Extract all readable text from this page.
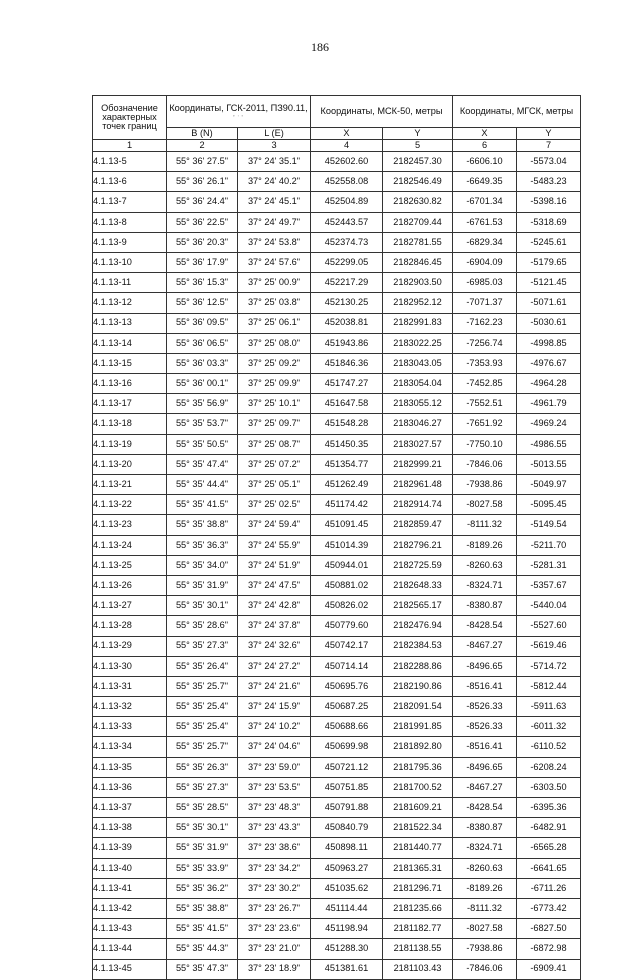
186
Обозначение
характерных
точек границ	Координаты, ГСК-2011, ПЗ90.11,
° ' "		Координаты, МСК-50, метры		Координаты, МГСК, метры	
	B (N)	L (E)	X	Y	X	Y
1	2	3	4	5	6	7
4.1.13-5	55° 36' 27.5"	37° 24' 35.1"	452602.60	2182457.30	-6606.10	-5573.04
4.1.13-6	55° 36' 26.1"	37° 24' 40.2"	452558.08	2182546.49	-6649.35	-5483.23
4.1.13-7	55° 36' 24.4"	37° 24' 45.1"	452504.89	2182630.82	-6701.34	-5398.16
4.1.13-8	55° 36' 22.5"	37° 24' 49.7"	452443.57	2182709.44	-6761.53	-5318.69
4.1.13-9	55° 36' 20.3"	37° 24' 53.8"	452374.73	2182781.55	-6829.34	-5245.61
4.1.13-10	55° 36' 17.9"	37° 24' 57.6"	452299.05	2182846.45	-6904.09	-5179.65
4.1.13-11	55° 36' 15.3"	37° 25' 00.9"	452217.29	2182903.50	-6985.03	-5121.45
4.1.13-12	55° 36' 12.5"	37° 25' 03.8"	452130.25	2182952.12	-7071.37	-5071.61
4.1.13-13	55° 36' 09.5"	37° 25' 06.1"	452038.81	2182991.83	-7162.23	-5030.61
4.1.13-14	55° 36' 06.5"	37° 25' 08.0"	451943.86	2183022.25	-7256.74	-4998.85
4.1.13-15	55° 36' 03.3"	37° 25' 09.2"	451846.36	2183043.05	-7353.93	-4976.67
4.1.13-16	55° 36' 00.1"	37° 25' 09.9"	451747.27	2183054.04	-7452.85	-4964.28
4.1.13-17	55° 35' 56.9"	37° 25' 10.1"	451647.58	2183055.12	-7552.51	-4961.79
4.1.13-18	55° 35' 53.7"	37° 25' 09.7"	451548.28	2183046.27	-7651.92	-4969.24
4.1.13-19	55° 35' 50.5"	37° 25' 08.7"	451450.35	2183027.57	-7750.10	-4986.55
4.1.13-20	55° 35' 47.4"	37° 25' 07.2"	451354.77	2182999.21	-7846.06	-5013.55
4.1.13-21	55° 35' 44.4"	37° 25' 05.1"	451262.49	2182961.48	-7938.86	-5049.97
4.1.13-22	55° 35' 41.5"	37° 25' 02.5"	451174.42	2182914.74	-8027.58	-5095.45
4.1.13-23	55° 35' 38.8"	37° 24' 59.4"	451091.45	2182859.47	-8111.32	-5149.54
4.1.13-24	55° 35' 36.3"	37° 24' 55.9"	451014.39	2182796.21	-8189.26	-5211.70
4.1.13-25	55° 35' 34.0"	37° 24' 51.9"	450944.01	2182725.59	-8260.63	-5281.31
4.1.13-26	55° 35' 31.9"	37° 24' 47.5"	450881.02	2182648.33	-8324.71	-5357.67
4.1.13-27	55° 35' 30.1"	37° 24' 42.8"	450826.02	2182565.17	-8380.87	-5440.04
4.1.13-28	55° 35' 28.6"	37° 24' 37.8"	450779.60	2182476.94	-8428.54	-5527.60
4.1.13-29	55° 35' 27.3"	37° 24' 32.6"	450742.17	2182384.53	-8467.27	-5619.46
4.1.13-30	55° 35' 26.4"	37° 24' 27.2"	450714.14	2182288.86	-8496.65	-5714.72
4.1.13-31	55° 35' 25.7"	37° 24' 21.6"	450695.76	2182190.86	-8516.41	-5812.44
4.1.13-32	55° 35' 25.4"	37° 24' 15.9"	450687.25	2182091.54	-8526.33	-5911.63
4.1.13-33	55° 35' 25.4"	37° 24' 10.2"	450688.66	2181991.85	-8526.33	-6011.32
4.1.13-34	55° 35' 25.7"	37° 24' 04.6"	450699.98	2181892.80	-8516.41	-6110.52
4.1.13-35	55° 35' 26.3"	37° 23' 59.0"	450721.12	2181795.36	-8496.65	-6208.24
4.1.13-36	55° 35' 27.3"	37° 23' 53.5"	450751.85	2181700.52	-8467.27	-6303.50
4.1.13-37	55° 35' 28.5"	37° 23' 48.3"	450791.88	2181609.21	-8428.54	-6395.36
4.1.13-38	55° 35' 30.1"	37° 23' 43.3"	450840.79	2181522.34	-8380.87	-6482.91
4.1.13-39	55° 35' 31.9"	37° 23' 38.6"	450898.11	2181440.77	-8324.71	-6565.28
4.1.13-40	55° 35' 33.9"	37° 23' 34.2"	450963.27	2181365.31	-8260.63	-6641.65
4.1.13-41	55° 35' 36.2"	37° 23' 30.2"	451035.62	2181296.71	-8189.26	-6711.26
4.1.13-42	55° 35' 38.8"	37° 23' 26.7"	451114.44	2181235.66	-8111.32	-6773.42
4.1.13-43	55° 35' 41.5"	37° 23' 23.6"	451198.94	2181182.77	-8027.58	-6827.50
4.1.13-44	55° 35' 44.3"	37° 23' 21.0"	451288.30	2181138.55	-7938.86	-6872.98
4.1.13-45	55° 35' 47.3"	37° 23' 18.9"	451381.61	2181103.43	-7846.06	-6909.41
